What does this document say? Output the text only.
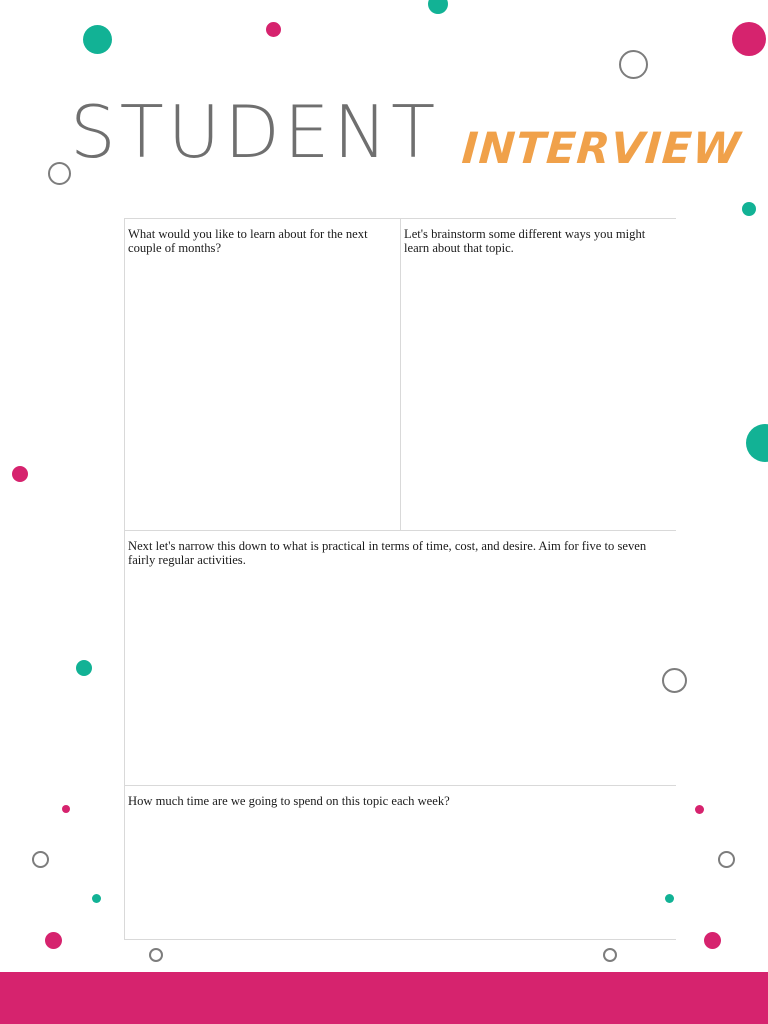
STUDENT INTERVIEW

What would you like to learn about for the next couple of months?

Let's brainstorm some different ways you might learn about that topic.

Next let's narrow this down to what is practical in terms of time, cost, and desire. Aim for five to seven fairly regular activities.

How much time are we going to spend on this topic each week?
